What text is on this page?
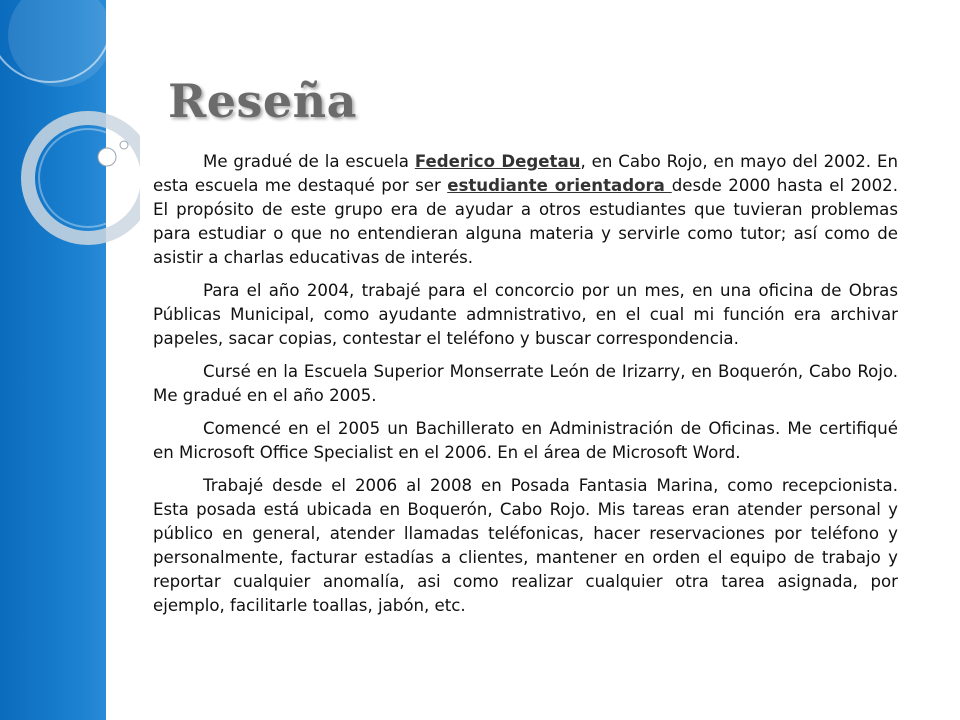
Reseña

Me gradué de la escuela Federico Degetau, en Cabo Rojo, en mayo del 2002. En esta escuela me destaqué por ser estudiante orientadora desde 2000 hasta el 2002. El propósito de este grupo era de ayudar a otros estudiantes que tuvieran problemas para estudiar o que no entendieran alguna materia y servirle como tutor; así como de asistir a charlas educativas de interés.

Para el año 2004, trabajé para el concorcio por un mes, en una oficina de Obras Públicas Municipal, como ayudante admnistrativo, en el cual mi función era archivar papeles, sacar copias, contestar el teléfono y buscar correspondencia.

Cursé en la Escuela Superior Monserrate León de Irizarry, en Boquerón, Cabo Rojo. Me gradué en el año 2005.

Comencé en el 2005 un Bachillerato en Administración de Oficinas. Me certifiqué en Microsoft Office Specialist en el 2006. En el área de Microsoft Word.

Trabajé desde el 2006 al 2008 en Posada Fantasia Marina, como recepcionista. Esta posada está ubicada en Boquerón, Cabo Rojo. Mis tareas eran atender personal y público en general, atender llamadas teléfonicas, hacer reservaciones por teléfono y personalmente, facturar estadías a clientes, mantener en orden el equipo de trabajo y reportar cualquier anomalía, asi como realizar cualquier otra tarea asignada, por ejemplo, facilitarle toallas, jabón, etc.
